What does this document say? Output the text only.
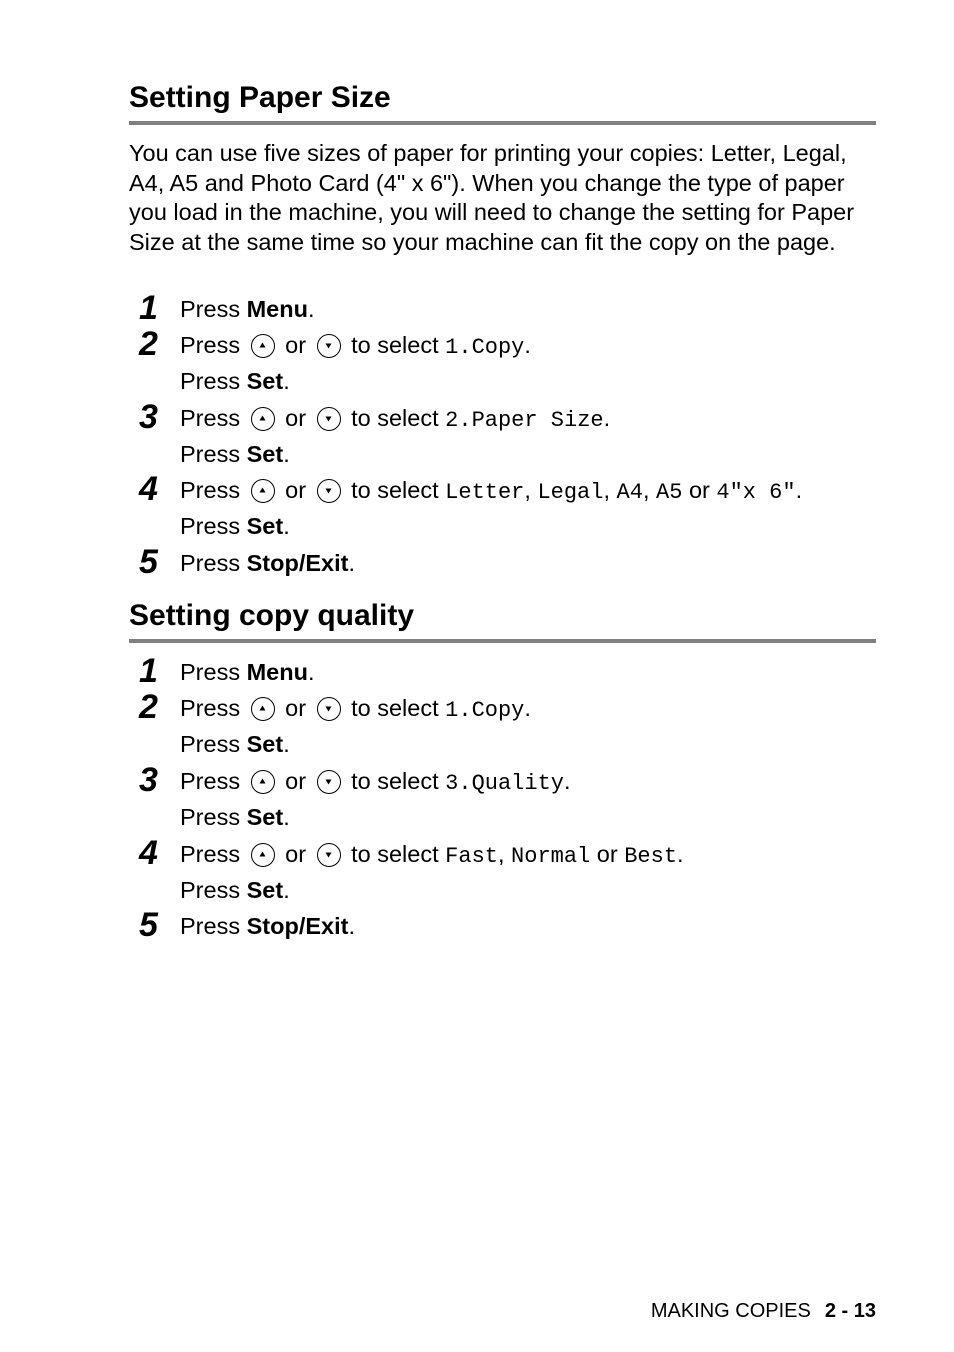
Setting Paper Size
You can use five sizes of paper for printing your copies: Letter, Legal, A4, A5 and Photo Card (4" x 6"). When you change the type of paper you load in the machine, you will need to change the setting for Paper Size at the same time so your machine can fit the copy on the page.
1 Press Menu.
2 Press or to select 1.Copy.
Press Set.
3 Press or to select 2.Paper Size.
Press Set.
4 Press or to select Letter, Legal, A4, A5 or 4"x 6".
Press Set.
5 Press Stop/Exit.
Setting copy quality
1 Press Menu.
2 Press or to select 1.Copy.
Press Set.
3 Press or to select 3.Quality.
Press Set.
4 Press or to select Fast, Normal or Best.
Press Set.
5 Press Stop/Exit.
MAKING COPIES 2 - 13
